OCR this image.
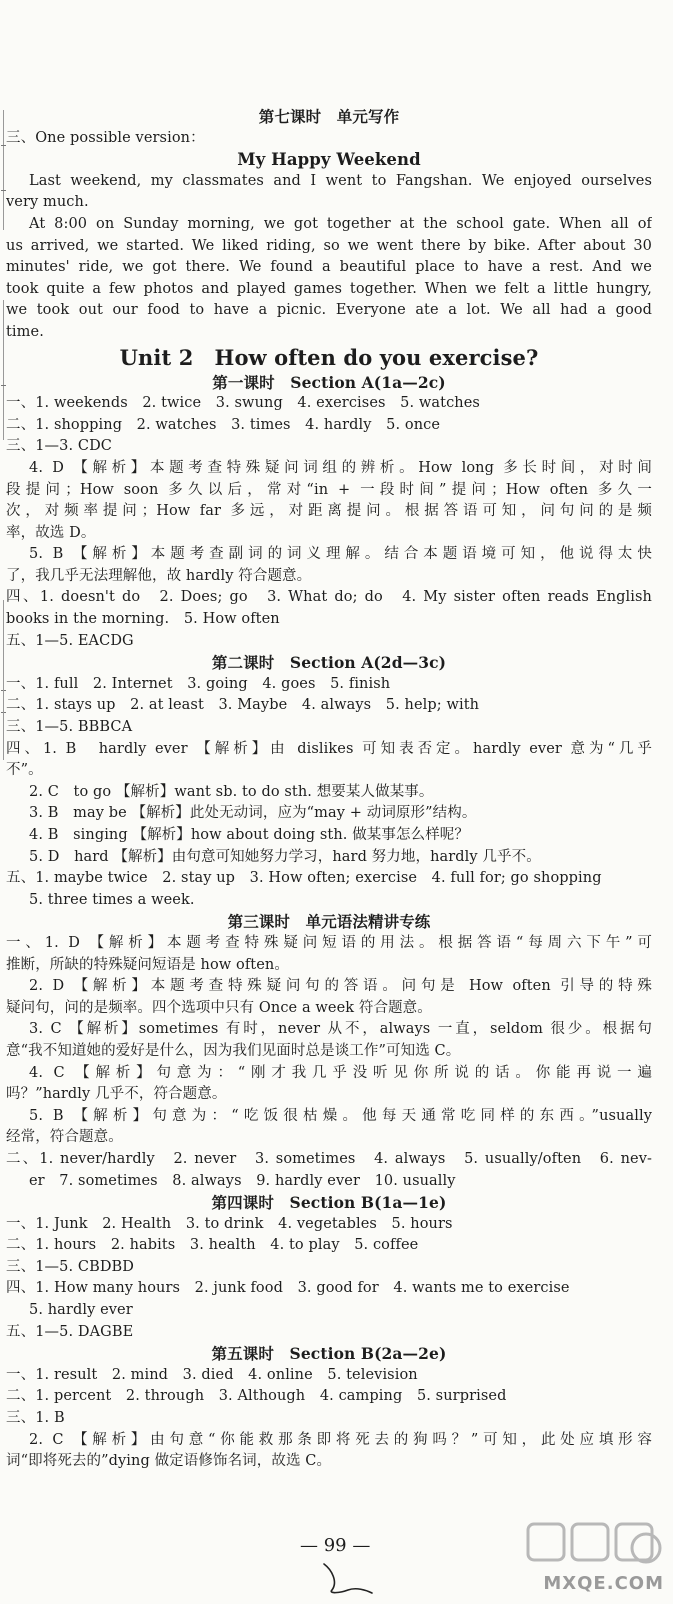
第七课时　单元写作
三、One possible version：
My Happy Weekend
Last weekend, my classmates and I went to Fangshan. We enjoyed ourselves
very much.
At 8:00 on Sunday morning, we got together at the school gate. When all of
us arrived, we started. We liked riding, so we went there by bike. After about 30
minutes' ride, we got there. We found a beautiful place to have a rest. And we
took quite a few photos and played games together. When we felt a little hungry,
we took out our food to have a picnic. Everyone ate a lot. We all had a good
time.
Unit 2　How often do you exercise?
第一课时　Section A(1a—2c)
一、1. weekends　2. twice　3. swung　4. exercises　5. watches
二、1. shopping　2. watches　3. times　4. hardly　5. once
三、1—3. CDC
4. D 【解析】本题考查特殊疑问词组的辨析。How long 多长时间，对时间
段提问；How soon 多久以后，常对“in + 一段时间”提问；How often 多久一
次，对频率提问；How far 多远，对距离提问。根据答语可知，问句问的是频
率，故选 D。
5. B 【解析】本题考查副词的词义理解。结合本题语境可知，他说得太快
了，我几乎无法理解他，故 hardly 符合题意。
四、1. doesn't do　2. Does; go　3. What do; do　4. My sister often reads English
books in the morning.　5. How often
五、1—5. EACDG
第二课时　Section A(2d—3c)
一、1. full　2. Internet　3. going　4. goes　5. finish
二、1. stays up　2. at least　3. Maybe　4. always　5. help; with
三、1—5. BBBCA
四、1. B　hardly ever 【解析】由 dislikes 可知表否定。hardly ever 意为“几乎
不”。
2. C　to go 【解析】want sb. to do sth. 想要某人做某事。
3. B　may be 【解析】此处无动词，应为“may + 动词原形”结构。
4. B　singing 【解析】how about doing sth. 做某事怎么样呢？
5. D　hard 【解析】由句意可知她努力学习，hard 努力地，hardly 几乎不。
五、1. maybe twice　2. stay up　3. How often; exercise　4. full for; go shopping
5. three times a week.
第三课时　单元语法精讲专练
一、1. D 【解析】本题考查特殊疑问短语的用法。根据答语“每周六下午”可
推断，所缺的特殊疑问短语是 how often。
2. D 【解析】本题考查特殊疑问句的答语。问句是 How often 引导的特殊
疑问句，问的是频率。四个选项中只有 Once a week 符合题意。
3. C 【解析】sometimes 有时，never 从不，always 一直，seldom 很少。根据句
意“我不知道她的爱好是什么，因为我们见面时总是谈工作”可知选 C。
4. C 【解析】句意为：“刚才我几乎没听见你所说的话。你能再说一遍
吗？”hardly 几乎不，符合题意。
5. B 【解析】句意为：“吃饭很枯燥。他每天通常吃同样的东西。”usually
经常，符合题意。
二、1. never/hardly　2. never　3. sometimes　4. always　5. usually/often　6. nev-
er　7. sometimes　8. always　9. hardly ever　10. usually
第四课时　Section B(1a—1e)
一、1. Junk　2. Health　3. to drink　4. vegetables　5. hours
二、1. hours　2. habits　3. health　4. to play　5. coffee
三、1—5. CBDBD
四、1. How many hours　2. junk food　3. good for　4. wants me to exercise
5. hardly ever
五、1—5. DAGBE
第五课时　Section B(2a—2e)
一、1. result　2. mind　3. died　4. online　5. television
二、1. percent　2. through　3. Although　4. camping　5. surprised
三、1. B
2. C 【解析】由句意“你能救那条即将死去的狗吗？”可知，此处应填形容
词“即将死去的”dying 做定语修饰名词，故选 C。
— 99 —
MXQE.COM
